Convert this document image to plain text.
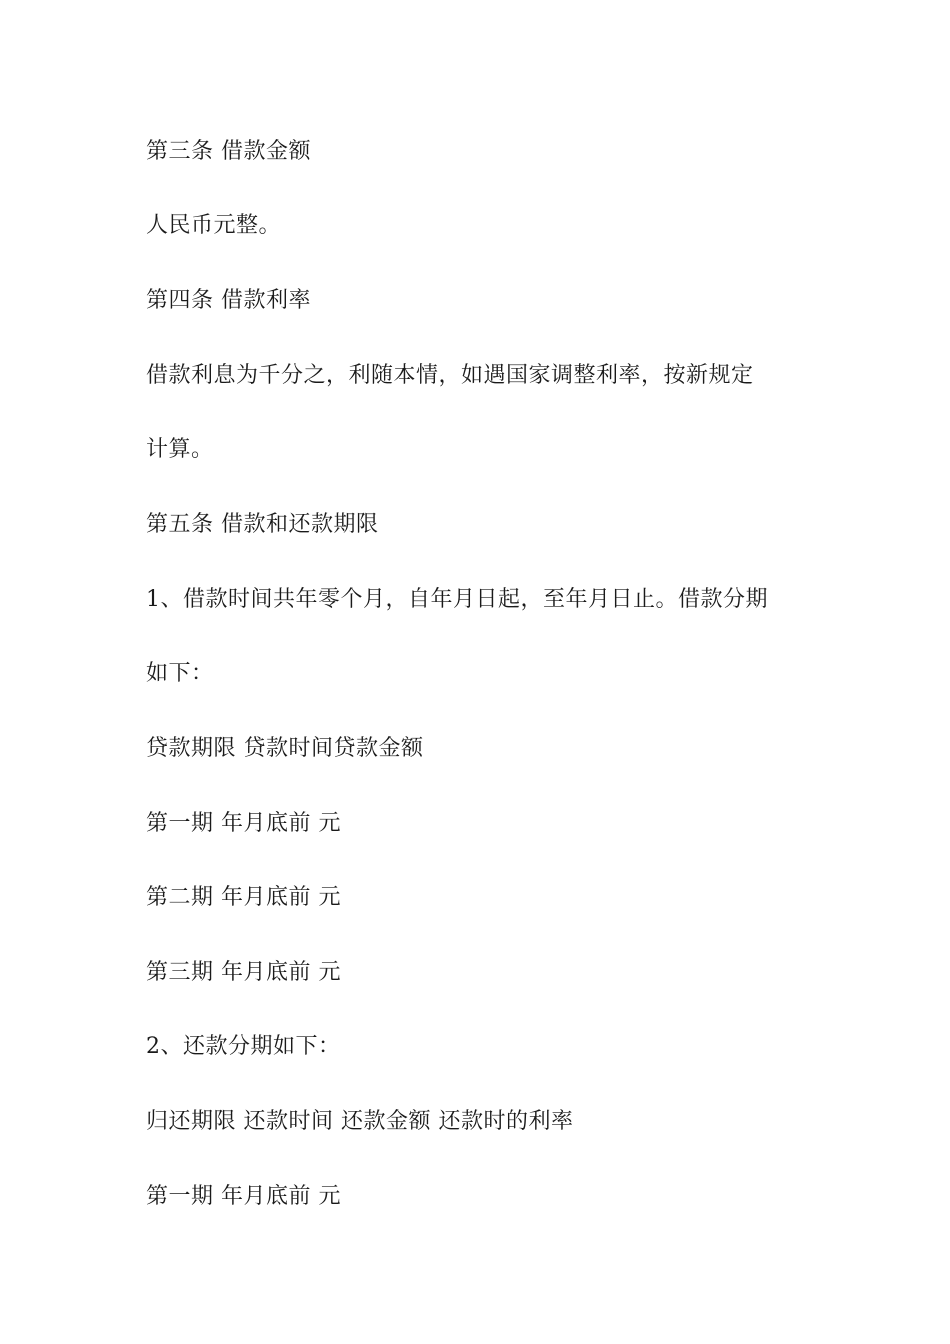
第三条 借款金额
人民币元整。
第四条 借款利率
借款利息为千分之，利随本情，如遇国家调整利率，按新规定
计算。
第五条 借款和还款期限
1、借款时间共年零个月，自年月日起，至年月日止。借款分期
如下：
贷款期限 贷款时间贷款金额
第一期 年月底前 元
第二期 年月底前 元
第三期 年月底前 元
2、还款分期如下：
归还期限 还款时间 还款金额 还款时的利率
第一期 年月底前 元
